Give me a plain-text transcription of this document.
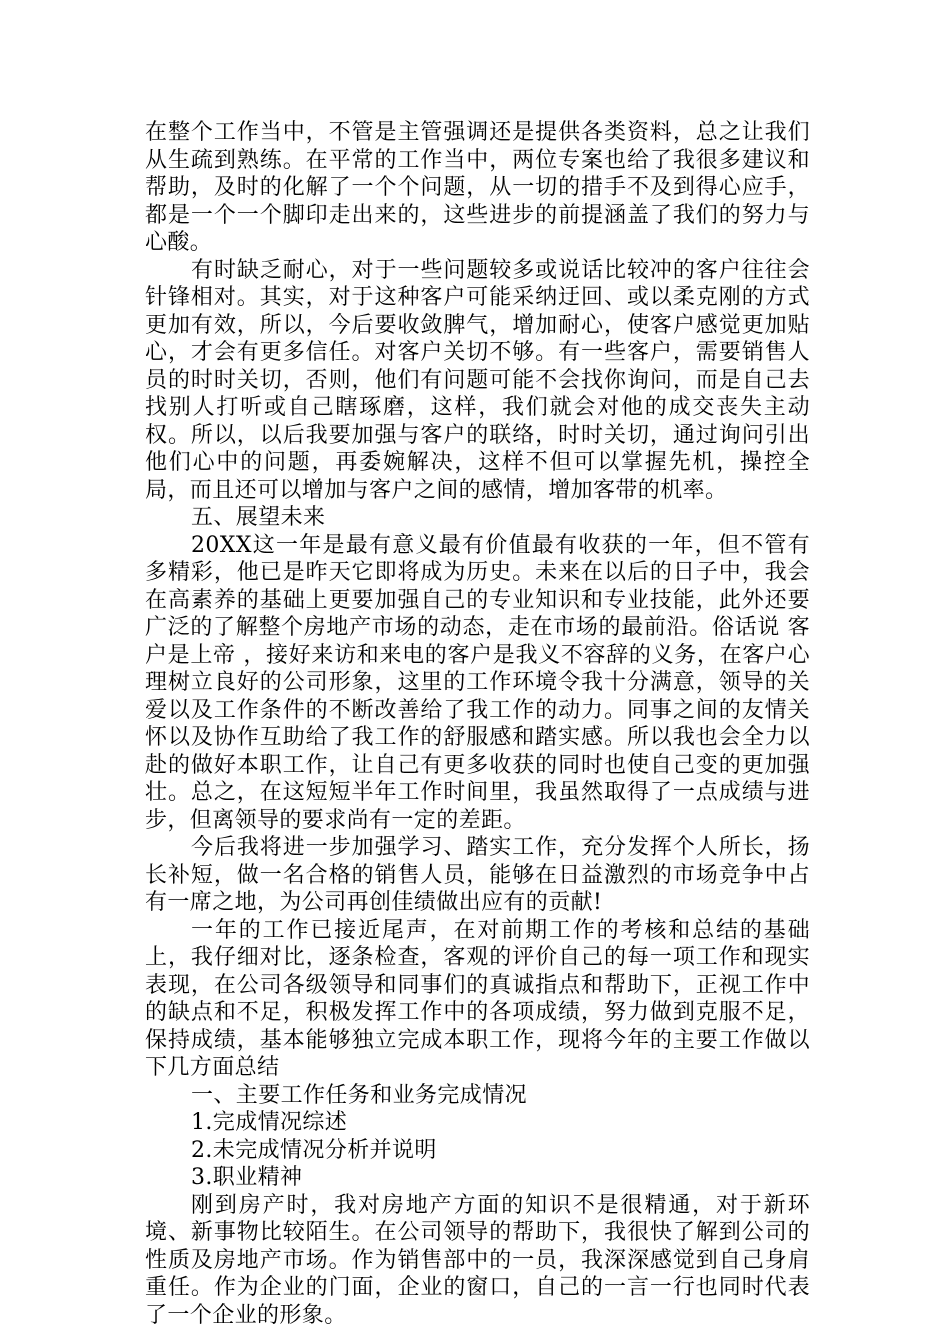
在整个工作当中，不管是主管强调还是提供各类资料，总之让我们从生疏到熟练。在平常的工作当中，两位专案也给了我很多建议和帮助，及时的化解了一个个问题，从一切的措手不及到得心应手，都是一个一个脚印走出来的，这些进步的前提涵盖了我们的努力与心酸。

有时缺乏耐心，对于一些问题较多或说话比较冲的客户往往会针锋相对。其实，对于这种客户可能采纳迂回、或以柔克刚的方式更加有效，所以，今后要收敛脾气，增加耐心，使客户感觉更加贴心，才会有更多信任。对客户关切不够。有一些客户，需要销售人员的时时关切，否则，他们有问题可能不会找你询问，而是自己去找别人打听或自己瞎琢磨，这样，我们就会对他的成交丧失主动权。所以，以后我要加强与客户的联络，时时关切，通过询问引出他们心中的问题，再委婉解决，这样不但可以掌握先机，操控全局，而且还可以增加与客户之间的感情，增加客带的机率。

五、展望未来

20XX这一年是最有意义最有价值最有收获的一年，但不管有多精彩，他已是昨天它即将成为历史。未来在以后的日子中，我会在高素养的基础上更要加强自己的专业知识和专业技能，此外还要广泛的了解整个房地产市场的动态，走在市场的最前沿。俗话说 客户是上帝 ，接好来访和来电的客户是我义不容辞的义务，在客户心理树立良好的公司形象，这里的工作环境令我十分满意，领导的关爱以及工作条件的不断改善给了我工作的动力。同事之间的友情关怀以及协作互助给了我工作的舒服感和踏实感。所以我也会全力以赴的做好本职工作，让自己有更多收获的同时也使自己变的更加强壮。总之，在这短短半年工作时间里，我虽然取得了一点成绩与进步，但离领导的要求尚有一定的差距。

今后我将进一步加强学习、踏实工作，充分发挥个人所长，扬长补短，做一名合格的销售人员，能够在日益激烈的市场竞争中占有一席之地，为公司再创佳绩做出应有的贡献!

一年的工作已接近尾声，在对前期工作的考核和总结的基础上，我仔细对比，逐条检查，客观的评价自己的每一项工作和现实表现，在公司各级领导和同事们的真诚指点和帮助下，正视工作中的缺点和不足，积极发挥工作中的各项成绩，努力做到克服不足，保持成绩，基本能够独立完成本职工作，现将今年的主要工作做以下几方面总结

一、主要工作任务和业务完成情况

1.完成情况综述

2.未完成情况分析并说明

3.职业精神

刚到房产时，我对房地产方面的知识不是很精通，对于新环境、新事物比较陌生。在公司领导的帮助下，我很快了解到公司的性质及房地产市场。作为销售部中的一员，我深深感觉到自己身肩重任。作为企业的门面，企业的窗口，自己的一言一行也同时代表了一个企业的形象。
